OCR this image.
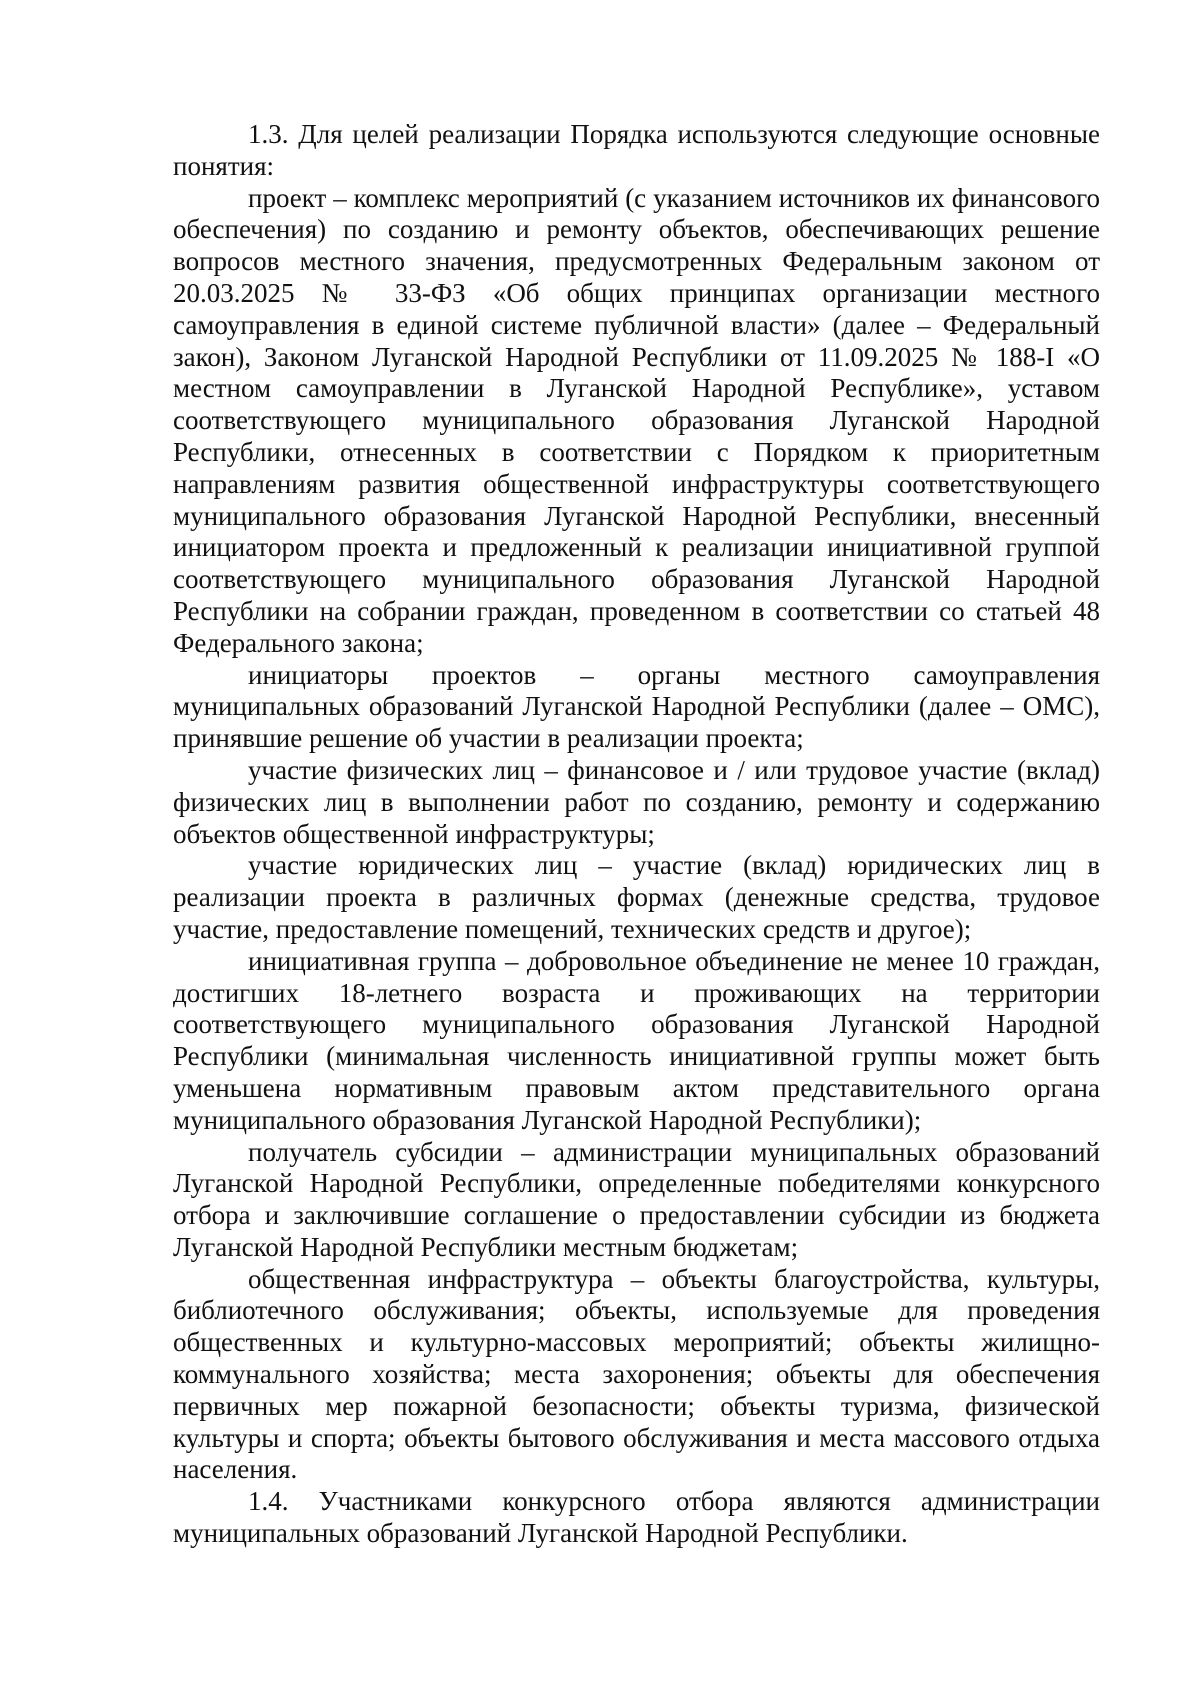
1.3. Для целей реализации Порядка используются следующие основные понятия:

проект – комплекс мероприятий (с указанием источников их финансового обеспечения) по созданию и ремонту объектов, обеспечивающих решение вопросов местного значения, предусмотренных Федеральным законом от 20.03.2025 № 33-ФЗ «Об общих принципах организации местного самоуправления в единой системе публичной власти» (далее – Федеральный закон), Законом Луганской Народной Республики от 11.09.2025 № 188-I «О местном самоуправлении в Луганской Народной Республике», уставом соответствующего муниципального образования Луганской Народной Республики, отнесенных в соответствии с Порядком к приоритетным направлениям развития общественной инфраструктуры соответствующего муниципального образования Луганской Народной Республики, внесенный инициатором проекта и предложенный к реализации инициативной группой соответствующего муниципального образования Луганской Народной Республики на собрании граждан, проведенном в соответствии со статьей 48 Федерального закона;

инициаторы проектов – органы местного самоуправления муниципальных образований Луганской Народной Республики (далее – ОМС), принявшие решение об участии в реализации проекта;

участие физических лиц – финансовое и / или трудовое участие (вклад) физических лиц в выполнении работ по созданию, ремонту и содержанию объектов общественной инфраструктуры;

участие юридических лиц – участие (вклад) юридических лиц в реализации проекта в различных формах (денежные средства, трудовое участие, предоставление помещений, технических средств и другое);

инициативная группа – добровольное объединение не менее 10 граждан, достигших 18-летнего возраста и проживающих на территории соответствующего муниципального образования Луганской Народной Республики (минимальная численность инициативной группы может быть уменьшена нормативным правовым актом представительного органа муниципального образования Луганской Народной Республики);

получатель субсидии – администрации муниципальных образований Луганской Народной Республики, определенные победителями конкурсного отбора и заключившие соглашение о предоставлении субсидии из бюджета Луганской Народной Республики местным бюджетам;

общественная инфраструктура – объекты благоустройства, культуры, библиотечного обслуживания; объекты, используемые для проведения общественных и культурно-массовых мероприятий; объекты жилищно-коммунального хозяйства; места захоронения; объекты для обеспечения первичных мер пожарной безопасности; объекты туризма, физической культуры и спорта; объекты бытового обслуживания и места массового отдыха населения.

1.4. Участниками конкурсного отбора являются администрации муниципальных образований Луганской Народной Республики.
